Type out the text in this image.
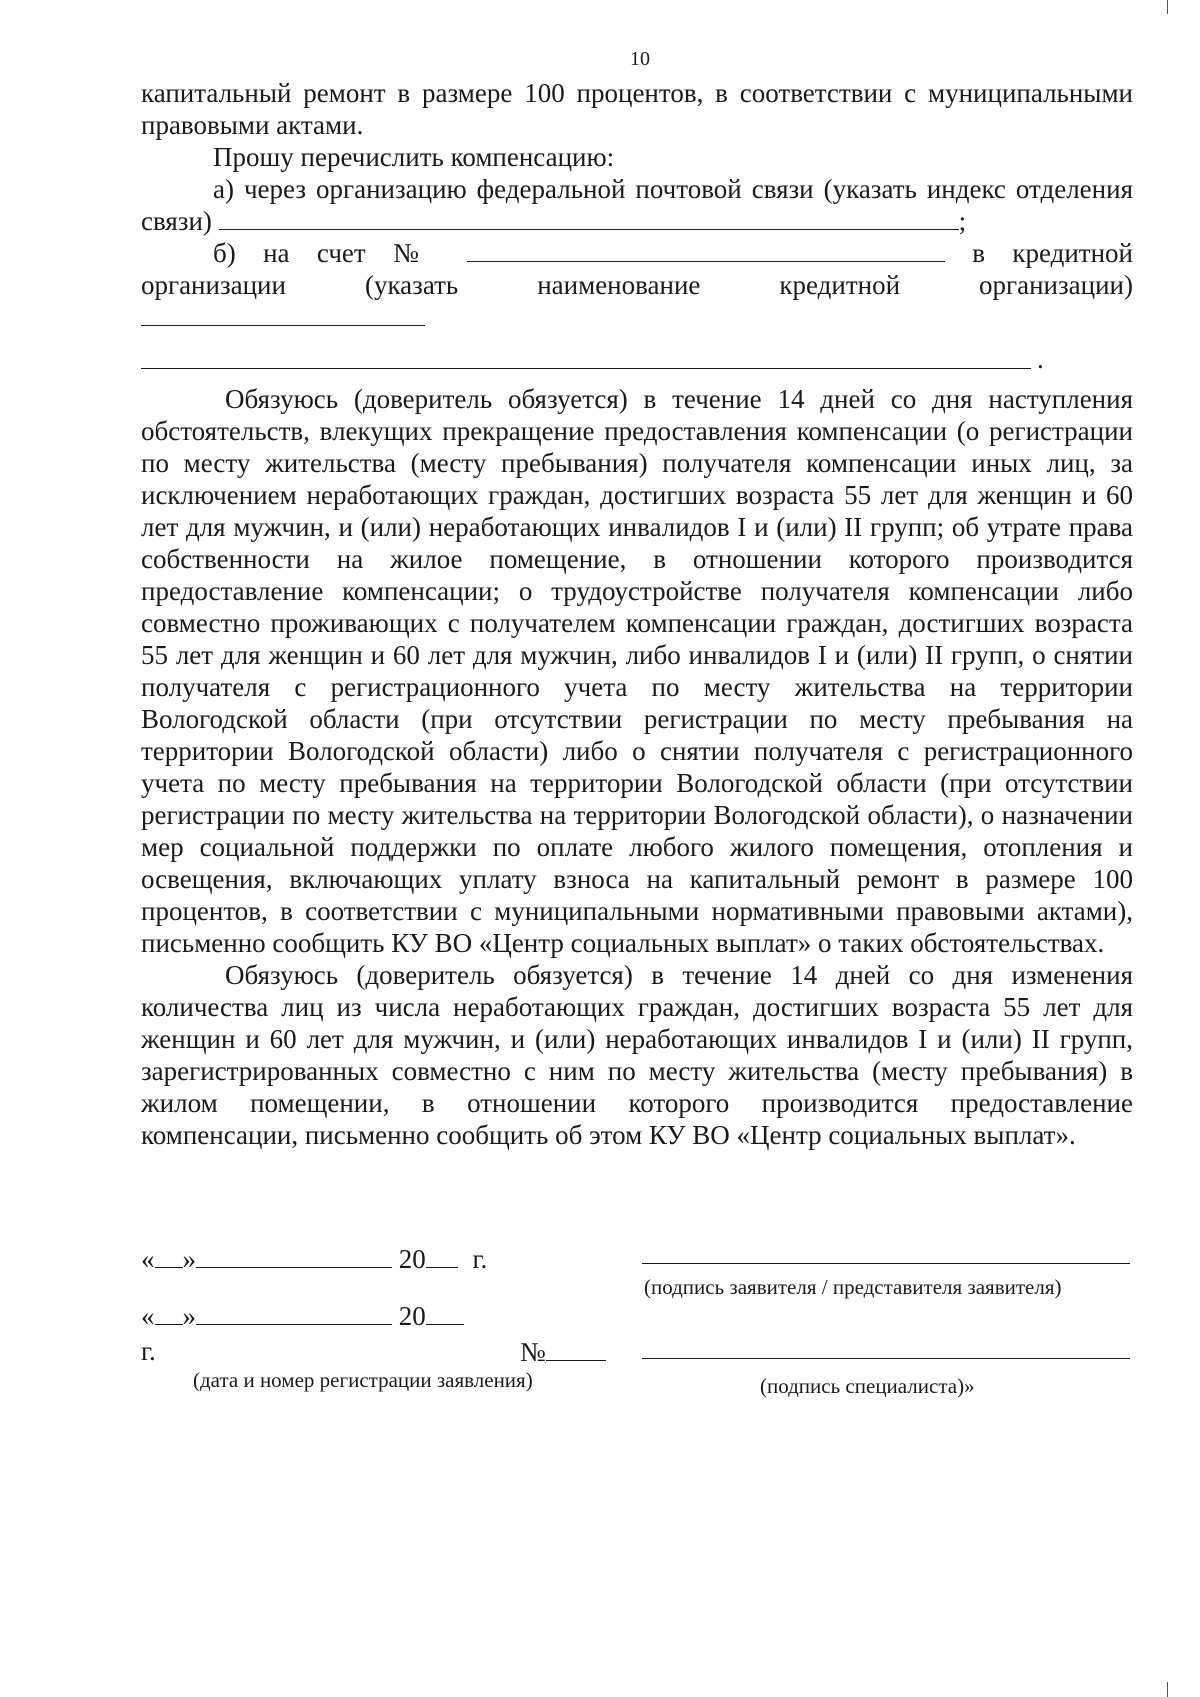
10

капитальный ремонт в размере 100 процентов, в соответствии с муниципальными правовыми актами.

Прошу перечислить компенсацию:

а) через организацию федеральной почтовой связи (указать индекс отделения связи)	;

б) на счет №	в кредитной организации (указать наименование кредитной организации)

.

Обязуюсь (доверитель обязуется) в течение 14 дней со дня наступления обстоятельств, влекущих прекращение предоставления компенсации (о регистрации по месту жительства (месту пребывания) получателя компенсации иных лиц, за исключением неработающих граждан, достигших возраста 55 лет для женщин и 60 лет для мужчин, и (или) неработающих инвалидов I и (или) II групп; об утрате права собственности на жилое помещение, в отношении которого производится предоставление компенсации; о трудоустройстве получателя компенсации либо совместно проживающих с получателем компенсации граждан, достигших возраста 55 лет для женщин и 60 лет для мужчин, либо инвалидов I и (или) II групп, о снятии получателя с регистрационного учета по месту жительства на территории Вологодской области (при отсутствии регистрации по месту пребывания на территории Вологодской области) либо о снятии получателя с регистрационного учета по месту пребывания на территории Вологодской области (при отсутствии регистрации по месту жительства на территории Вологодской области), о назначении мер социальной поддержки по оплате любого жилого помещения, отопления и освещения, включающих уплату взноса на капитальный ремонт в размере 100 процентов, в соответствии с муниципальными нормативными правовыми актами), письменно сообщить КУ ВО «Центр социальных выплат» о таких обстоятельствах.

Обязуюсь (доверитель обязуется) в течение 14 дней со дня изменения количества лиц из числа неработающих граждан, достигших возраста 55 лет для женщин и 60 лет для мужчин, и (или) неработающих инвалидов I и (или) II групп, зарегистрированных совместно с ним по месту жительства (месту пребывания) в жилом помещении, в отношении которого производится предоставление компенсации, письменно сообщить об этом КУ ВО «Центр социальных выплат».

« »	20 г.
(подпись заявителя / представителя заявителя)
« »	20
г.	№
(дата и номер регистрации заявления)	(подпись специалиста)»
